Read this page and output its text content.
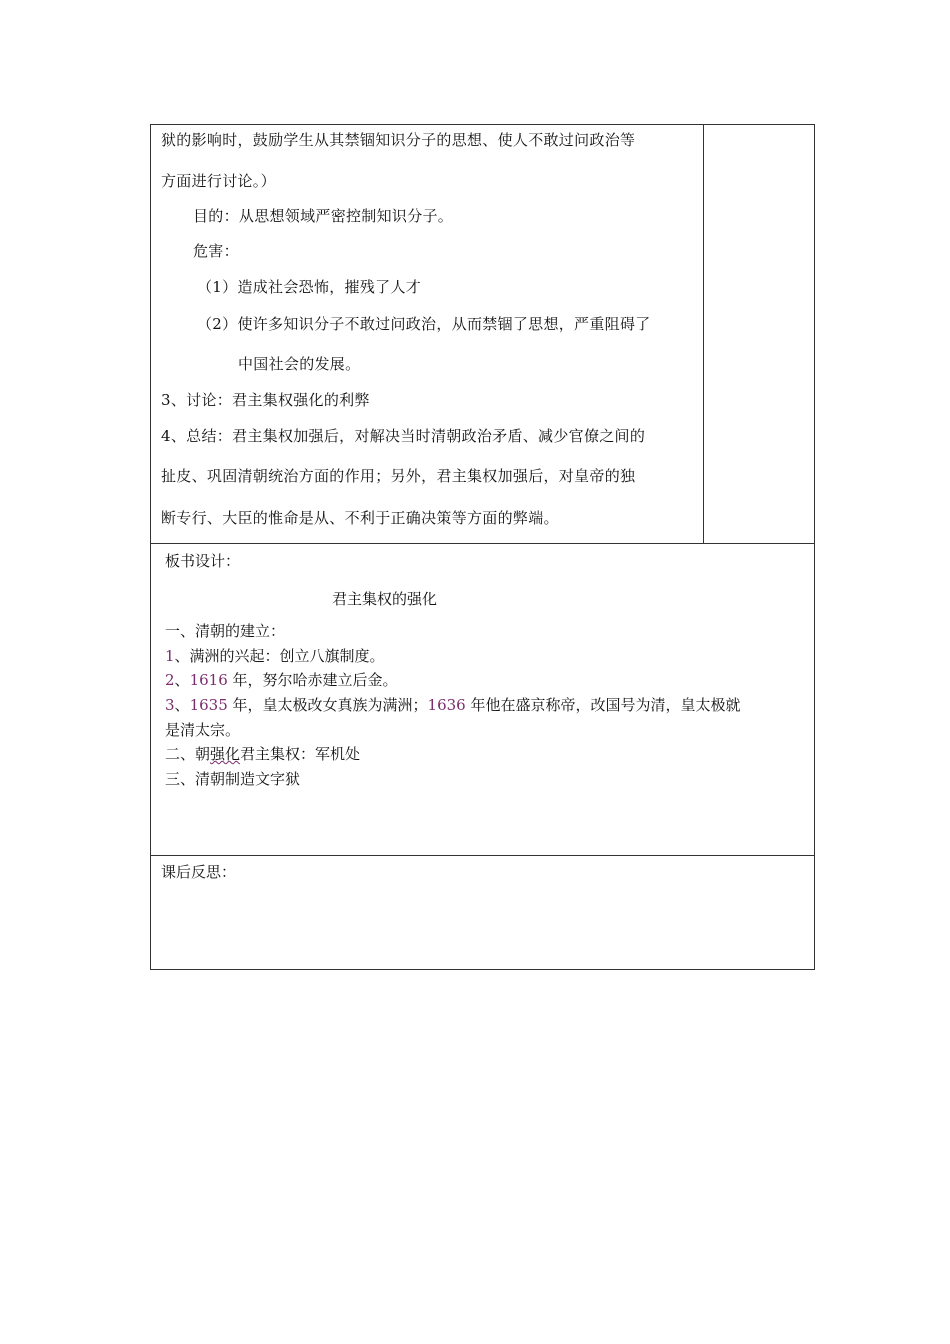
狱的影响时，鼓励学生从其禁锢知识分子的思想、使人不敢过问政治等
方面进行讨论。）
目的：从思想领域严密控制知识分子。
危害：
（1）造成社会恐怖，摧残了人才
（2）使许多知识分子不敢过问政治，从而禁锢了思想，严重阻碍了
中国社会的发展。
3、讨论：君主集权强化的利弊
4、总结：君主集权加强后，对解决当时清朝政治矛盾、减少官僚之间的
扯皮、巩固清朝统治方面的作用；另外，君主集权加强后，对皇帝的独
断专行、大臣的惟命是从、不利于正确决策等方面的弊端。
板书设计：
君主集权的强化
一、清朝的建立：
1、满洲的兴起：创立八旗制度。
2、1616 年，努尔哈赤建立后金。
3、1635 年，皇太极改女真族为满洲；1636 年他在盛京称帝，改国号为清，皇太极就
是清太宗。
二、朝强化君主集权：军机处
三、清朝制造文字狱
课后反思：
